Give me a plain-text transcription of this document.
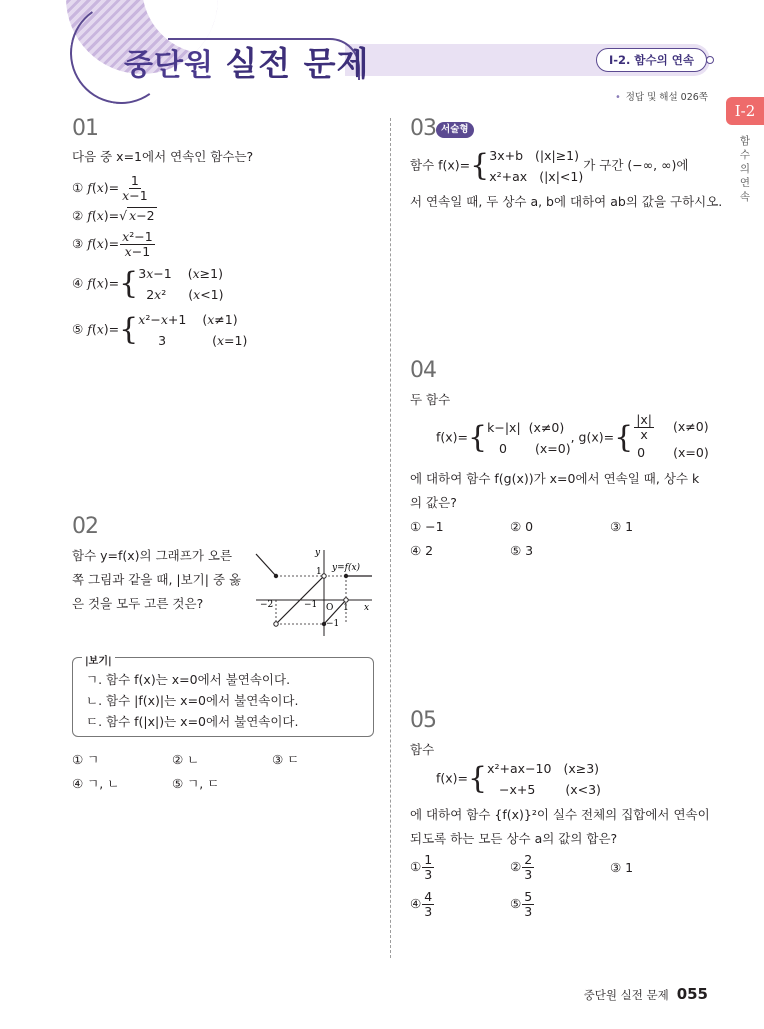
중단원 실전 문제	Ⅰ-2. 함수의 연속
• 정답 및 해설 026쪽
Ⅰ-2
함수의 연속
01
다음 중 x=1에서 연속인 함수는?
① $f(x)= \frac{1}{x-1}$
② f(x)=√ x−2
③ $f(x)= \frac{\text{x²−1}}{x-1}$
④ f(x)= { 3x−1 (x≥1)
2x² (x<1)
⑤ f(x)= { x²−x+1 (x≠1)
3	(x=1)
02
함수 y=f(x)의 그래프가 오른
쪽 그림과 같을 때, |보기| 중 옳
은 것을 모두 고른 것은?
y
x
y=f(x)
O
−2	−1	1
1
−1
|보기|
ㄱ. 함수 f(x)는 x=0에서 불연속이다.
ㄴ. 함수 |f(x)|는 x=0에서 불연속이다.
ㄷ. 함수 f(|x|)는 x=0에서 불연속이다.
① ㄱ	② ㄴ	③ ㄷ
④ ㄱ, ㄴ	⑤ ㄱ, ㄷ
03 서술형
함수 f(x)= { 3x+b (|x|≥1)
x²+ax (|x|<1)
가 구간 (−∞, ∞)에
서 연속일 때, 두 상수 a, b에 대하여 ab의 값을 구하시오.
04
두 함수
f(x)= { k−|x| (x≠0)
0 (x=0)
, g(x)= { $\frac{|x|}{x} (x\ne 0)$
0 (x=0)
에 대하여 함수 f(g(x))가 x=0에서 연속일 때, 상수 k
의 값은?
① −1	② 0	③ 1
④ 2	⑤ 3
05
함수
f(x)= { x²+ax−10 (x≥3)
−x+5 (x<3)
에 대하여 함수 {f(x)}²이 실수 전체의 집합에서 연속이
되도록 하는 모든 상수 a의 값의 합은?
① $\frac{1}{3}$	② $\frac{2}{3}$	③ 1
④ $\frac{4}{3}$	⑤ $\frac{5}{3}$
중단원 실전 문제 055
